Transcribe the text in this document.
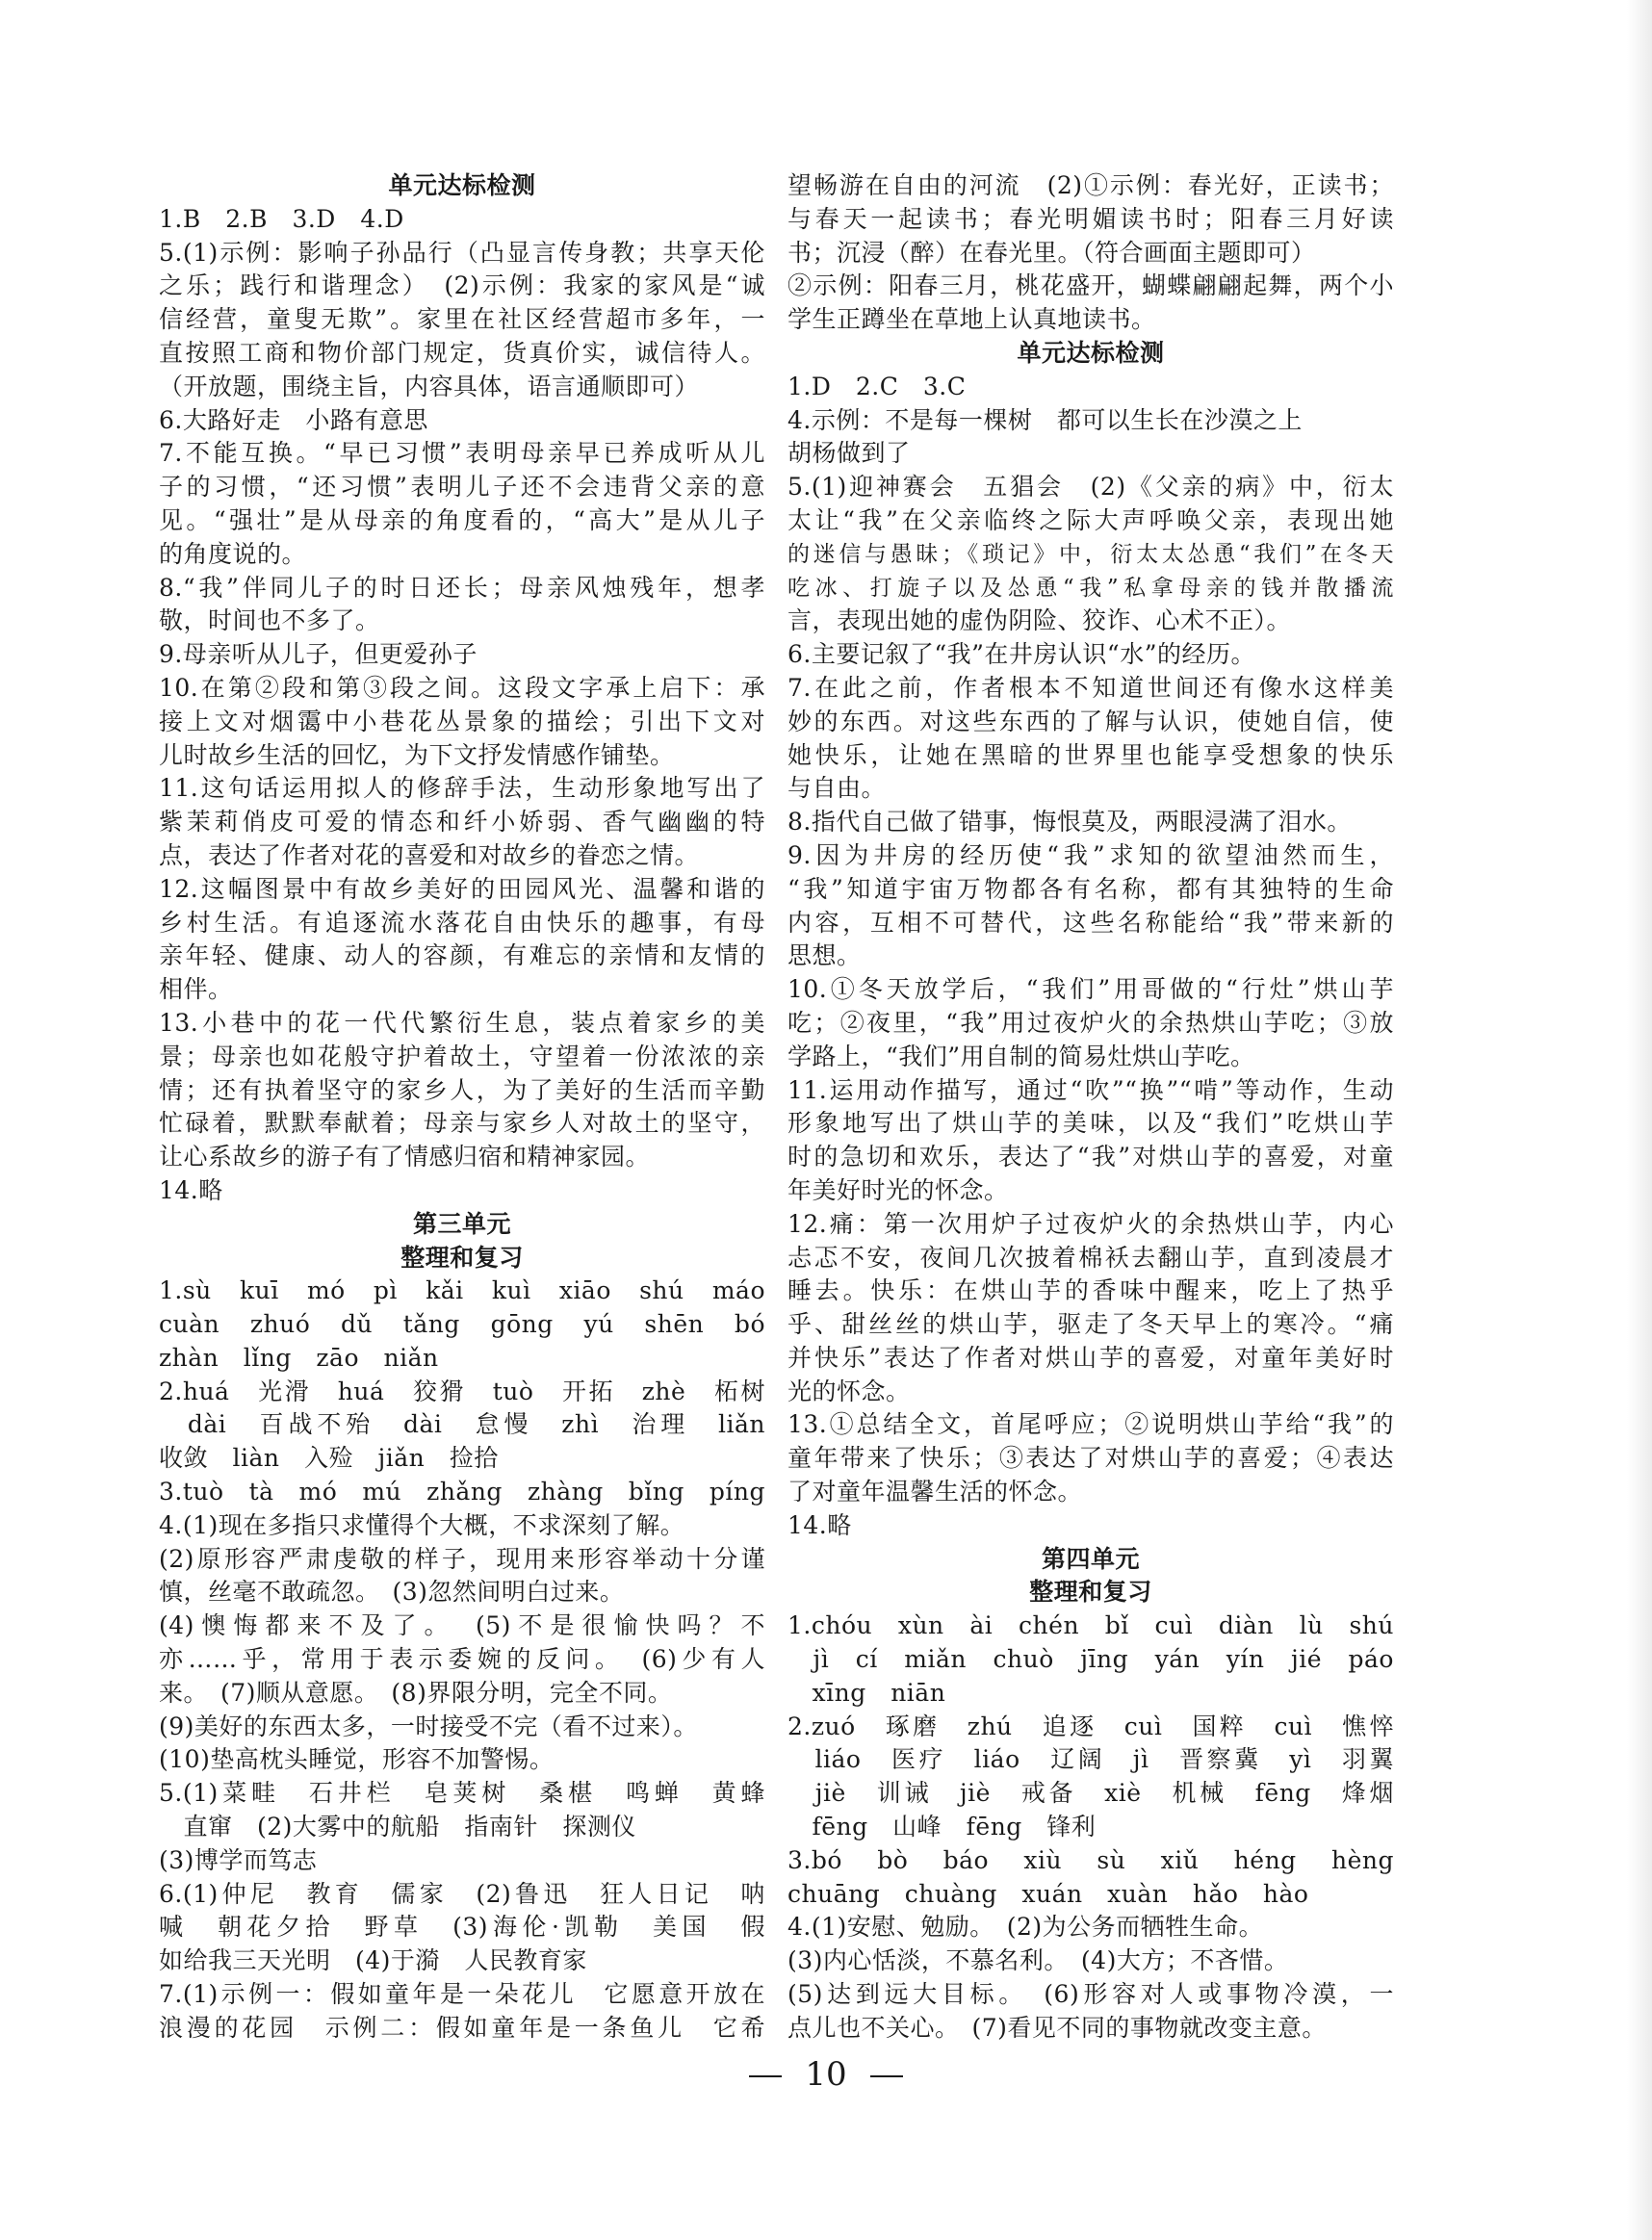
单元达标检测
1.B　2.B　3.D　4.D
5.(1)示例：影响子孙品行（凸显言传身教；共享天伦
之乐；践行和谐理念）　(2)示例：我家的家风是“诚
信经营，童叟无欺”。家里在社区经营超市多年，一
直按照工商和物价部门规定，货真价实，诚信待人。
（开放题，围绕主旨，内容具体，语言通顺即可）
6.大路好走　小路有意思
7.不能互换。“早已习惯”表明母亲早已养成听从儿
子的习惯，“还习惯”表明儿子还不会违背父亲的意
见。“强壮”是从母亲的角度看的，“高大”是从儿子
的角度说的。
8.“我”伴同儿子的时日还长；母亲风烛残年，想孝
敬，时间也不多了。
9.母亲听从儿子，但更爱孙子
10.在第②段和第③段之间。这段文字承上启下：承
接上文对烟霭中小巷花丛景象的描绘；引出下文对
儿时故乡生活的回忆，为下文抒发情感作铺垫。
11.这句话运用拟人的修辞手法，生动形象地写出了
紫茉莉俏皮可爱的情态和纤小娇弱、香气幽幽的特
点，表达了作者对花的喜爱和对故乡的眷恋之情。
12.这幅图景中有故乡美好的田园风光、温馨和谐的
乡村生活。有追逐流水落花自由快乐的趣事，有母
亲年轻、健康、动人的容颜，有难忘的亲情和友情的
相伴。
13.小巷中的花一代代繁衍生息，装点着家乡的美
景；母亲也如花般守护着故土，守望着一份浓浓的亲
情；还有执着坚守的家乡人，为了美好的生活而辛勤
忙碌着，默默奉献着；母亲与家乡人对故土的坚守，
让心系故乡的游子有了情感归宿和精神家园。
14.略
第三单元
整理和复习
1.sù　kuī　mó　pì　kǎi　kuì　xiāo　shú　máo
cuàn　zhuó　dǔ　tǎng　gōng　yú　shēn　bó
zhàn　lǐng　zāo　niǎn
2.huá　光滑　huá　狡猾　tuò　开拓　zhè　柘树
　dài　百战不殆　dài　怠慢　zhì　治理　liǎn
收敛　liàn　入殓　jiǎn　捡拾
3.tuò　tà　mó　mú　zhǎng　zhàng　bǐng　píng
4.(1)现在多指只求懂得个大概，不求深刻了解。
(2)原形容严肃虔敬的样子，现用来形容举动十分谨
慎，丝毫不敢疏忽。　(3)忽然间明白过来。
(4)懊悔都来不及了。　(5)不是很愉快吗？不
亦……乎，常用于表示委婉的反问。　(6)少有人
来。　(7)顺从意愿。　(8)界限分明，完全不同。
(9)美好的东西太多，一时接受不完（看不过来）。
(10)垫高枕头睡觉，形容不加警惕。
5.(1)菜畦　石井栏　皂荚树　桑椹　鸣蝉　黄蜂
　直窜　(2)大雾中的航船　指南针　探测仪
(3)博学而笃志
6.(1)仲尼　教育　儒家　(2)鲁迅　狂人日记　呐
喊　朝花夕拾　野草　(3)海伦·凯勒　美国　假
如给我三天光明　(4)于漪　人民教育家
7.(1)示例一：假如童年是一朵花儿　它愿意开放在
浪漫的花园　示例二：假如童年是一条鱼儿　它希
望畅游在自由的河流　(2)①示例：春光好，正读书；
与春天一起读书；春光明媚读书时；阳春三月好读
书；沉浸（醉）在春光里。（符合画面主题即可）
②示例：阳春三月，桃花盛开，蝴蝶翩翩起舞，两个小
学生正蹲坐在草地上认真地读书。
单元达标检测
1.D　2.C　3.C
4.示例：不是每一棵树　都可以生长在沙漠之上
胡杨做到了
5.(1)迎神赛会　五猖会　(2)《父亲的病》中，衍太
太让“我”在父亲临终之际大声呼唤父亲，表现出她
的迷信与愚昧；《琐记》中，衍太太怂恿“我们”在冬天
吃冰、打旋子以及怂恿“我”私拿母亲的钱并散播流
言，表现出她的虚伪阴险、狡诈、心术不正）。
6.主要记叙了“我”在井房认识“水”的经历。
7.在此之前，作者根本不知道世间还有像水这样美
妙的东西。对这些东西的了解与认识，使她自信，使
她快乐，让她在黑暗的世界里也能享受想象的快乐
与自由。
8.指代自己做了错事，悔恨莫及，两眼浸满了泪水。
9.因为井房的经历使“我”求知的欲望油然而生，
“我”知道宇宙万物都各有名称，都有其独特的生命
内容，互相不可替代，这些名称能给“我”带来新的
思想。
10.①冬天放学后，“我们”用哥做的“行灶”烘山芋
吃；②夜里，“我”用过夜炉火的余热烘山芋吃；③放
学路上，“我们”用自制的简易灶烘山芋吃。
11.运用动作描写，通过“吹”“换”“啃”等动作，生动
形象地写出了烘山芋的美味，以及“我们”吃烘山芋
时的急切和欢乐，表达了“我”对烘山芋的喜爱，对童
年美好时光的怀念。
12.痛：第一次用炉子过夜炉火的余热烘山芋，内心
忐忑不安，夜间几次披着棉袄去翻山芋，直到凌晨才
睡去。快乐：在烘山芋的香味中醒来，吃上了热乎
乎、甜丝丝的烘山芋，驱走了冬天早上的寒冷。“痛
并快乐”表达了作者对烘山芋的喜爱，对童年美好时
光的怀念。
13.①总结全文，首尾呼应；②说明烘山芋给“我”的
童年带来了快乐；③表达了对烘山芋的喜爱；④表达
了对童年温馨生活的怀念。
14.略
第四单元
整理和复习
1.chóu　xùn　ài　chén　bǐ　cuì　diàn　lù　shú
　jì　cí　miǎn　chuò　jīng　yán　yín　jié　páo
　xīng　niān
2.zuó　琢磨　zhú　追逐　cuì　国粹　cuì　憔悴
　liáo　医疗　liáo　辽阔　jì　晋察冀　yì　羽翼
　jiè　训诫　jiè　戒备　xiè　机械　fēng　烽烟
　fēng　山峰　fēng　锋利
3.bó　bò　báo　xiù　sù　xiǔ　héng　hèng
chuāng　chuàng　xuán　xuàn　hǎo　hào
4.(1)安慰、勉励。　(2)为公务而牺牲生命。
(3)内心恬淡，不慕名利。　(4)大方；不吝惜。
(5)达到远大目标。　(6)形容对人或事物冷漠，一
点儿也不关心。　(7)看见不同的事物就改变主意。
10
